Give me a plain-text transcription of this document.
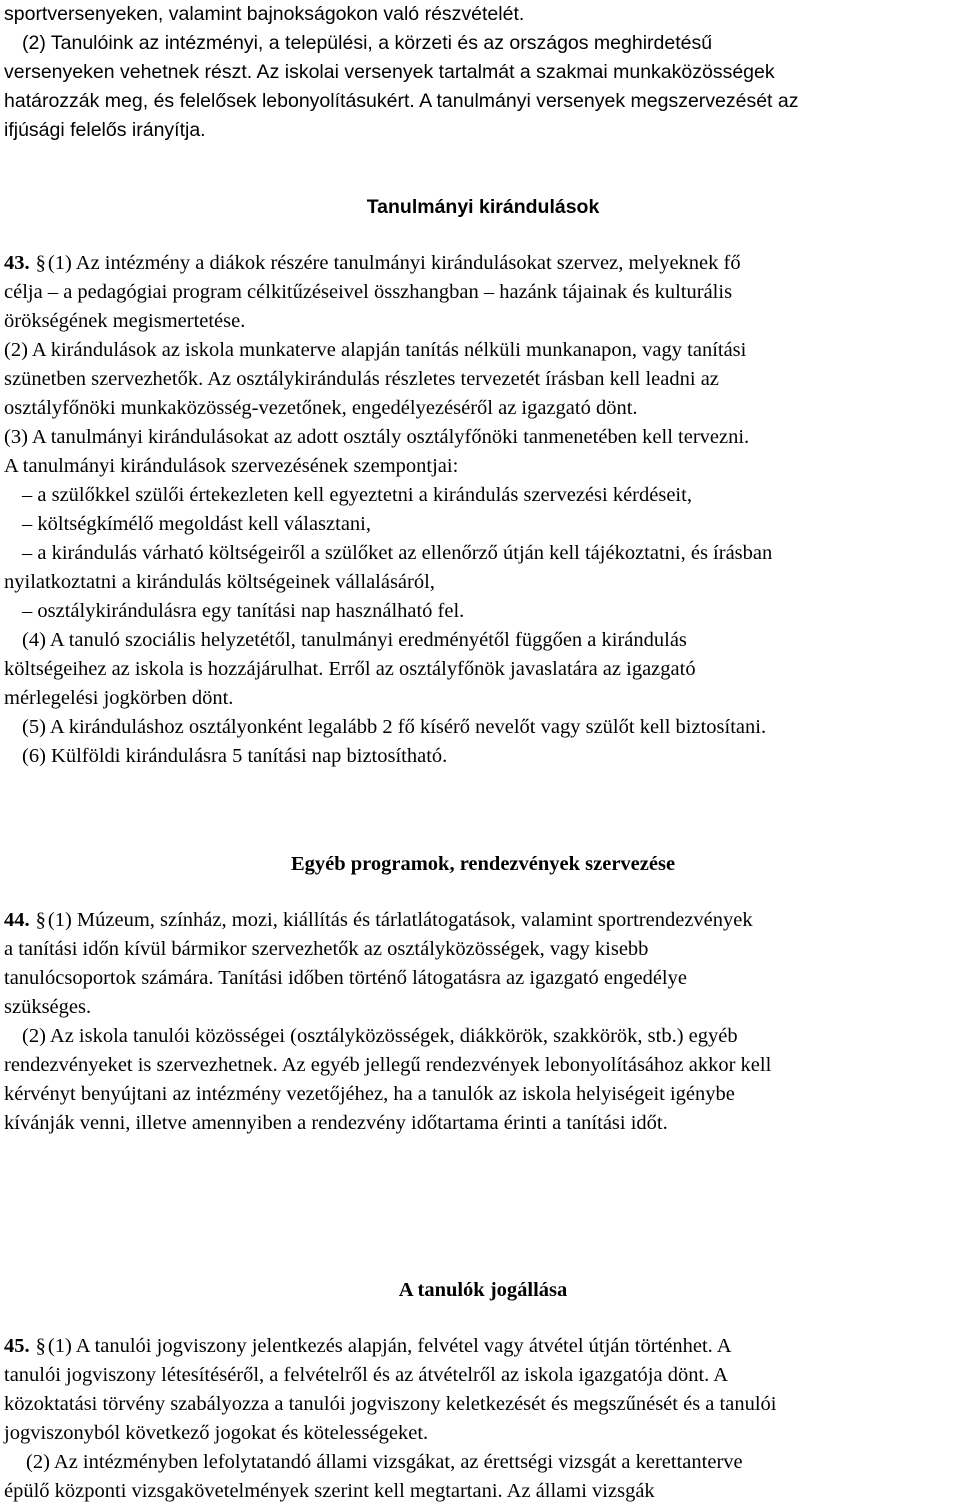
sportversenyeken, valamint bajnokságokon való részvételét.
(2) Tanulóink az intézményi, a települési, a körzeti és az országos meghirdetésű
versenyeken vehetnek részt. Az iskolai versenyek tartalmát a szakmai munkaközösségek
határozzák meg, és felelősek lebonyolításukért. A tanulmányi versenyek megszervezését az
ifjúsági felelős irányítja.
Tanulmányi kirándulások
43. §(1) Az intézmény a diákok részére tanulmányi kirándulásokat szervez, melyeknek fő
célja – a pedagógiai program célkitűzéseivel összhangban – hazánk tájainak és kulturális
örökségének megismertetése.
(2) A kirándulások az iskola munkaterve alapján tanítás nélküli munkanapon, vagy tanítási
szünetben szervezhetők. Az osztálykirándulás részletes tervezetét írásban kell leadni az
osztályfőnöki munkaközösség-vezetőnek, engedélyezéséről az igazgató dönt.
(3) A tanulmányi kirándulásokat az adott osztály osztályfőnöki tanmenetében kell tervezni.
A tanulmányi kirándulások szervezésének szempontjai:
– a szülőkkel szülői értekezleten kell egyeztetni a kirándulás szervezési kérdéseit,
– költségkímélő megoldást kell választani,
– a kirándulás várható költségeiről a szülőket az ellenőrző útján kell tájékoztatni, és írásban
nyilatkoztatni a kirándulás költségeinek vállalásáról,
– osztálykirándulásra egy tanítási nap használható fel.
(4) A tanuló szociális helyzetétől, tanulmányi eredményétől függően a kirándulás
költségeihez az iskola is hozzájárulhat. Erről az osztályfőnök javaslatára az igazgató
mérlegelési jogkörben dönt.
(5) A kiránduláshoz osztályonként legalább 2 fő kísérő nevelőt vagy szülőt kell biztosítani.
(6) Külföldi kirándulásra 5 tanítási nap biztosítható.
Egyéb programok, rendezvények szervezése
44. §(1) Múzeum, színház, mozi, kiállítás és tárlatlátogatások, valamint sportrendezvények
a tanítási időn kívül bármikor szervezhetők az osztályközösségek, vagy kisebb
tanulócsoportok számára. Tanítási időben történő látogatásra az igazgató engedélye
szükséges.
(2) Az iskola tanulói közösségei (osztályközösségek, diákkörök, szakkörök, stb.) egyéb
rendezvényeket is szervezhetnek. Az egyéb jellegű rendezvények lebonyolításához akkor kell
kérvényt benyújtani az intézmény vezetőjéhez, ha a tanulók az iskola helyiségeit igénybe
kívánják venni, illetve amennyiben a rendezvény időtartama érinti a tanítási időt.
A tanulók jogállása
45. §(1) A tanulói jogviszony jelentkezés alapján, felvétel vagy átvétel útján történhet. A
tanulói jogviszony létesítéséről, a felvételről és az átvételről az iskola igazgatója dönt. A
közoktatási törvény szabályozza a tanulói jogviszony keletkezését és megszűnését és a tanulói
jogviszonyból következő jogokat és kötelességeket.
(2) Az intézményben lefolytatandó állami vizsgákat, az érettségi vizsgát a kerettanterve
épülő központi vizsgakövetelmények szerint kell megtartani. Az állami vizsgák
